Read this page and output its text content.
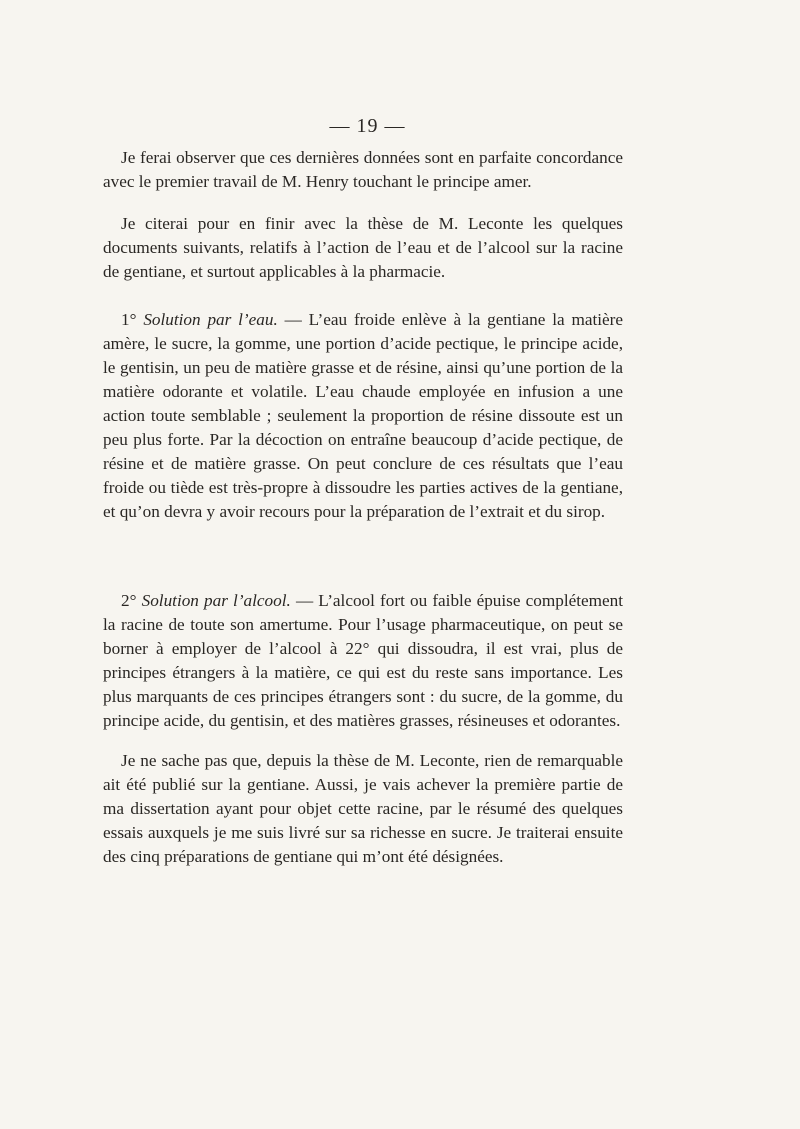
— 19 —

Je ferai observer que ces dernières données sont en parfaite concordance avec le premier travail de M. Henry touchant le principe amer.

Je citerai pour en finir avec la thèse de M. Leconte les quelques documents suivants, relatifs à l’action de l’eau et de l’alcool sur la racine de gentiane, et surtout applicables à la pharmacie.

1° Solution par l’eau. — L’eau froide enlève à la gentiane la matière amère, le sucre, la gomme, une portion d’acide pectique, le principe acide, le gentisin, un peu de matière grasse et de résine, ainsi qu’une portion de la matière odorante et volatile. L’eau chaude employée en infusion a une action toute semblable ; seulement la proportion de résine dissoute est un peu plus forte. Par la décoction on entraîne beaucoup d’acide pectique, de résine et de matière grasse. On peut conclure de ces résultats que l’eau froide ou tiède est très-propre à dissoudre les parties actives de la gentiane, et qu’on devra y avoir recours pour la préparation de l’extrait et du sirop.

2° Solution par l’alcool. — L’alcool fort ou faible épuise complétement la racine de toute son amertume. Pour l’usage pharmaceutique, on peut se borner à employer de l’alcool à 22° qui dissoudra, il est vrai, plus de principes étrangers à la matière, ce qui est du reste sans importance. Les plus marquants de ces principes étrangers sont : du sucre, de la gomme, du principe acide, du gentisin, et des matières grasses, résineuses et odorantes.

Je ne sache pas que, depuis la thèse de M. Leconte, rien de remarquable ait été publié sur la gentiane. Aussi, je vais achever la première partie de ma dissertation ayant pour objet cette racine, par le résumé des quelques essais auxquels je me suis livré sur sa richesse en sucre. Je traiterai ensuite des cinq préparations de gentiane qui m’ont été désignées.
